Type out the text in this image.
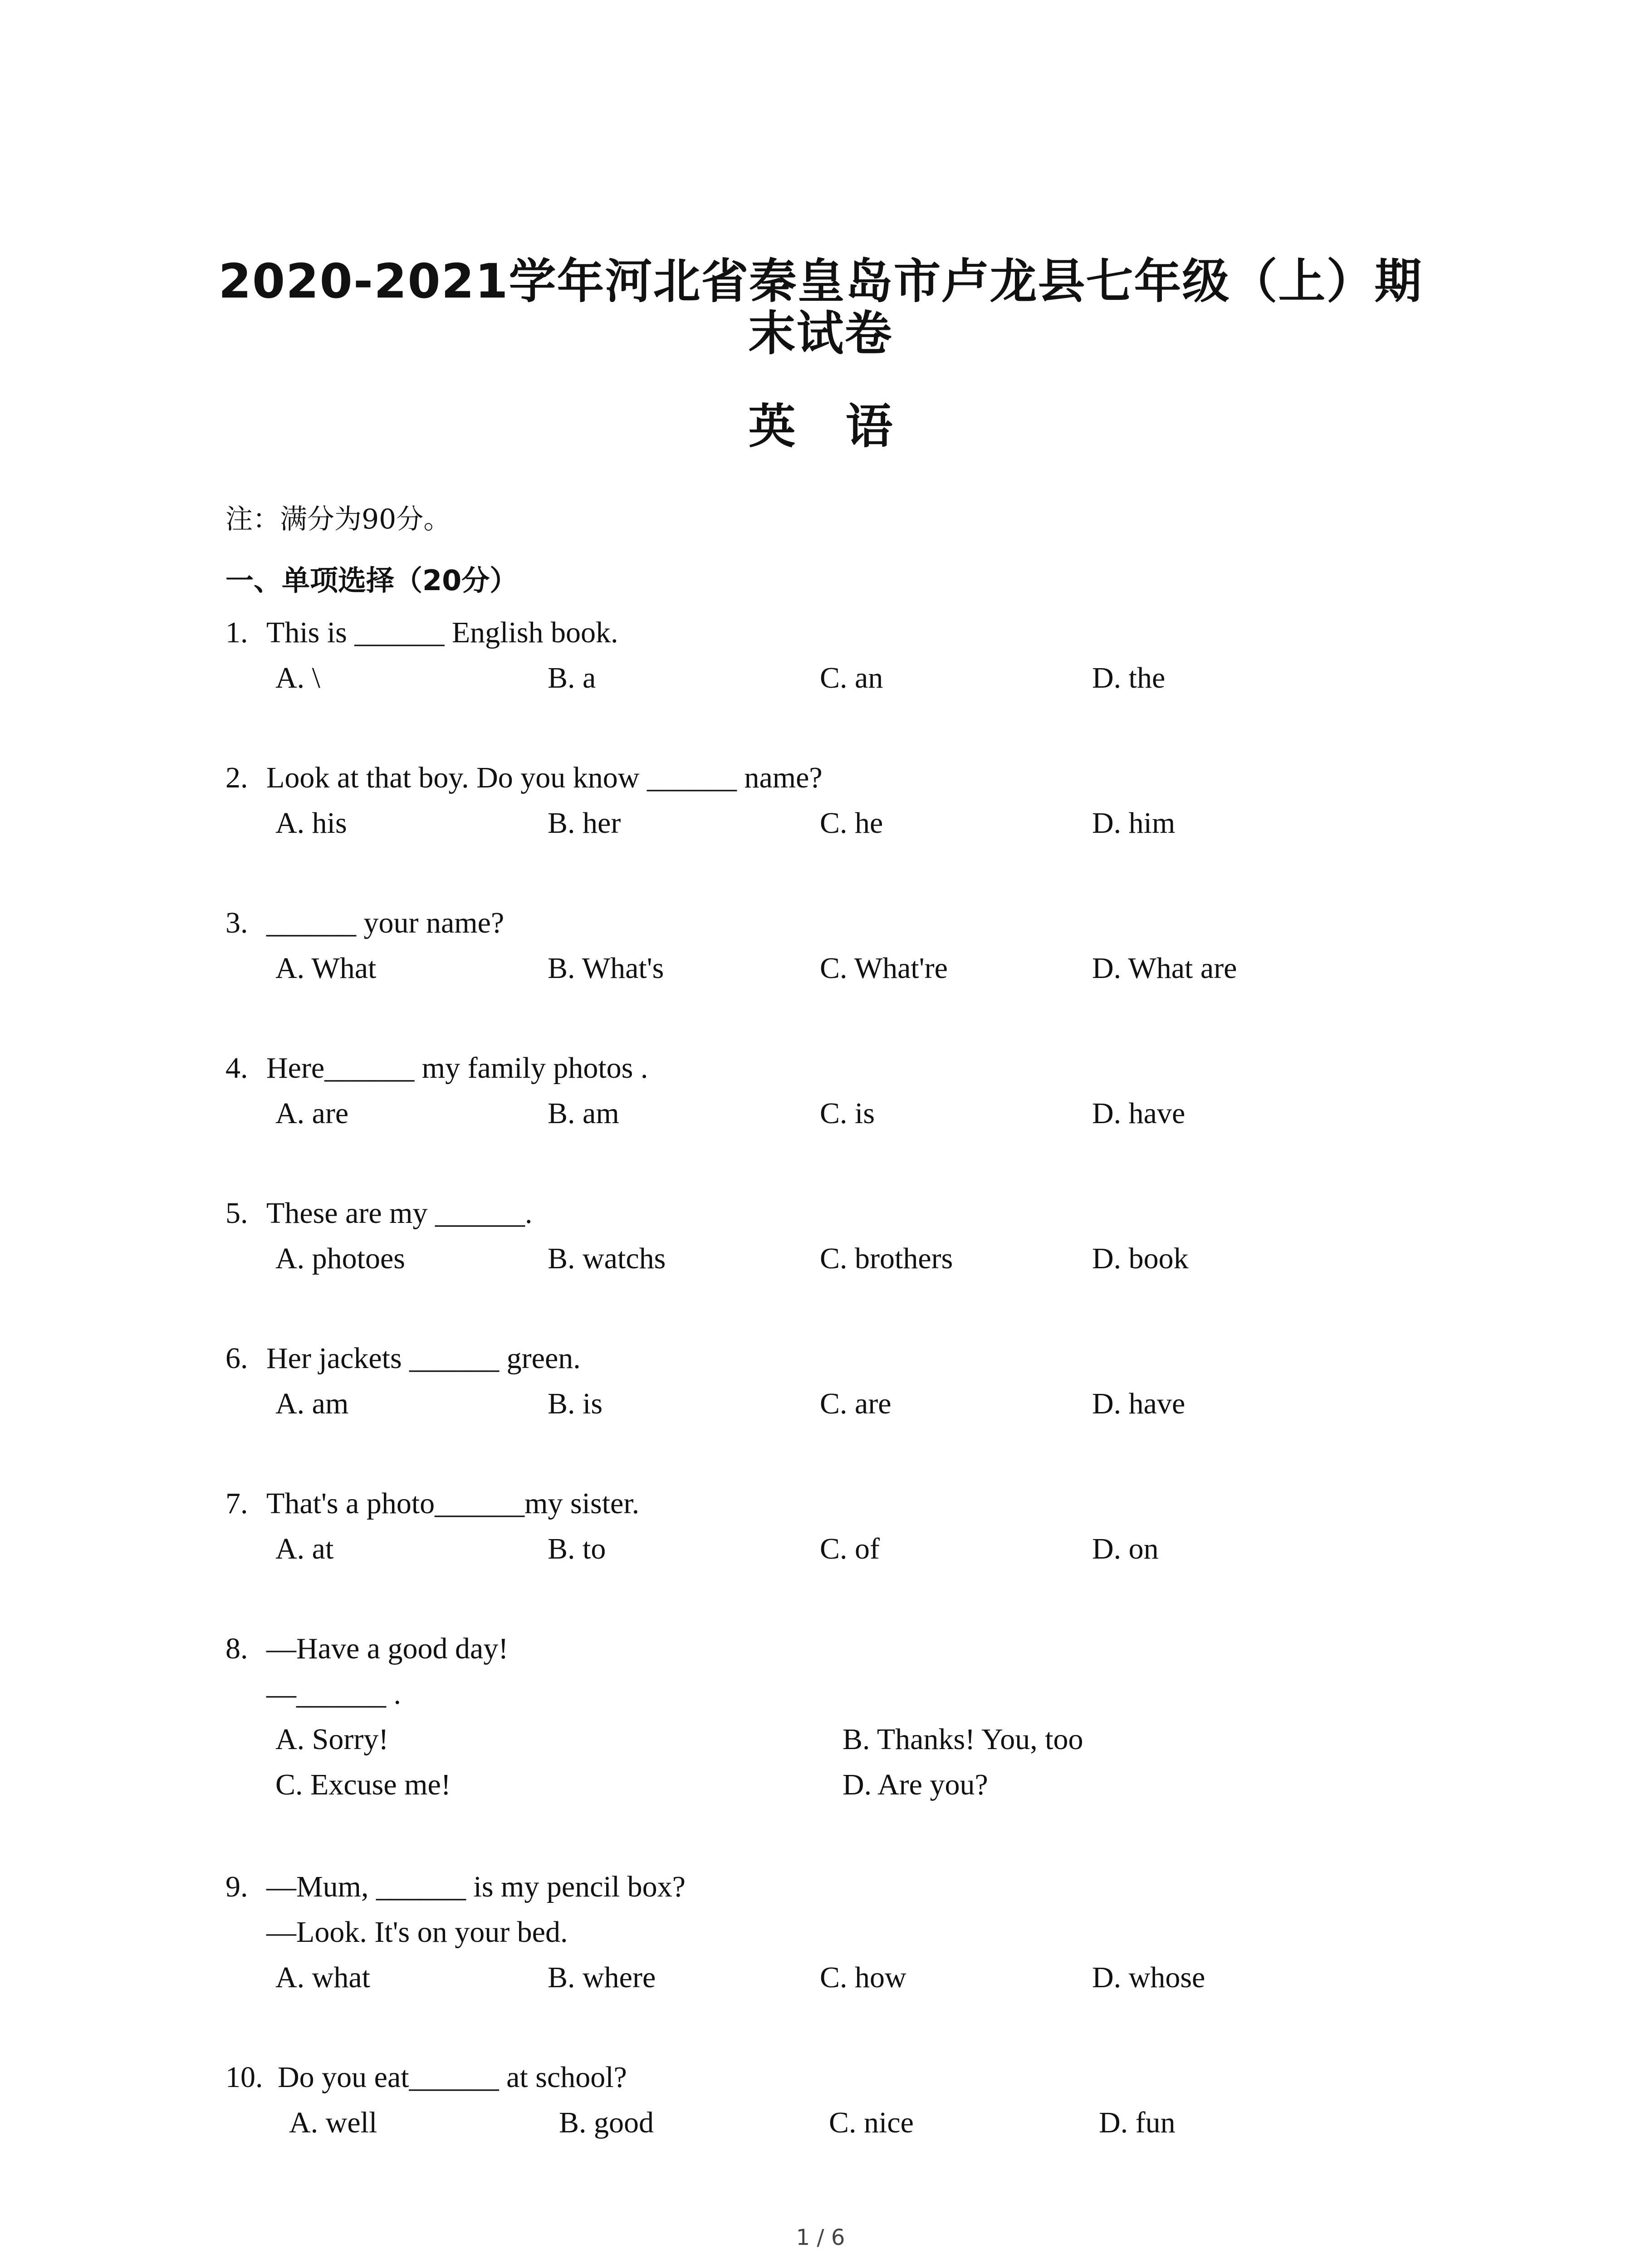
2020-2021学年河北省秦皇岛市卢龙县七年级（上）期
末试卷
英语
注：满分为90分。
一、单项选择（20分）
1. This is ______ English book.
A. \	B. a	C. an	D. the
2. Look at that boy. Do you know ______ name?
A. his	B. her	C. he	D. him
3. ______ your name?
A. What	B. What's	C. What're	D. What are
4. Here______ my family photos .
A. are	B. am	C. is	D. have
5. These are my ______.
A. photoes	B. watchs	C. brothers	D. book
6. Her jackets ______ green.
A. am	B. is	C. are	D. have
7. That's a photo______my sister.
A. at	B. to	C. of	D. on
8. —Have a good day!
—______ .
A. Sorry!	B. Thanks! You, too
C. Excuse me!	D. Are you?
9. —Mum, ______ is my pencil box?
—Look. It's on your bed.
A. what	B. where	C. how	D. whose
10. Do you eat______ at school?
A. well	B. good	C. nice	D. fun
1 / 6
